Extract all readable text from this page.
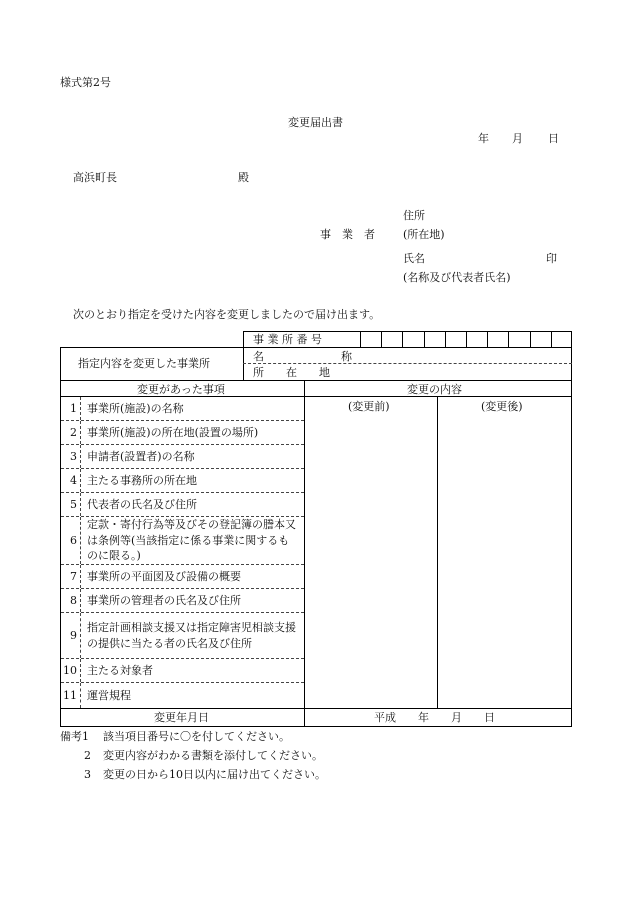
様式第2号
変更届出書
年 月 日
高浜町長	殿
住所
事　業　者	(所在地)
氏名	印
(名称及び代表者氏名)
次のとおり指定を受けた内容を変更しましたので届け出ます。
事 業 所 番 号
指定内容を変更した事業所
名　　　　　　　称
所　　在　　地
変更があった事項	変更の内容
(変更前)	(変更後)
1 事業所(施設)の名称
2 事業所(施設)の所在地(設置の場所)
3 申請者(設置者)の名称
4 主たる事務所の所在地
5 代表者の氏名及び住所
6
定款・寄付行為等及びその登記簿の謄本又は条例等(当該指定に係る事業に関するものに限る。)
7 事業所の平面図及び設備の概要
8 事業所の管理者の氏名及び住所
9
指定計画相談支援又は指定障害児相談支援の提供に当たる者の氏名及び住所
10 主たる対象者
11 運営規程
変更年月日	平成　　年　　月　　日
備考1 該当項目番号に〇を付してください。
2 変更内容がわかる書類を添付してください。
3 変更の日から10日以内に届け出てください。
